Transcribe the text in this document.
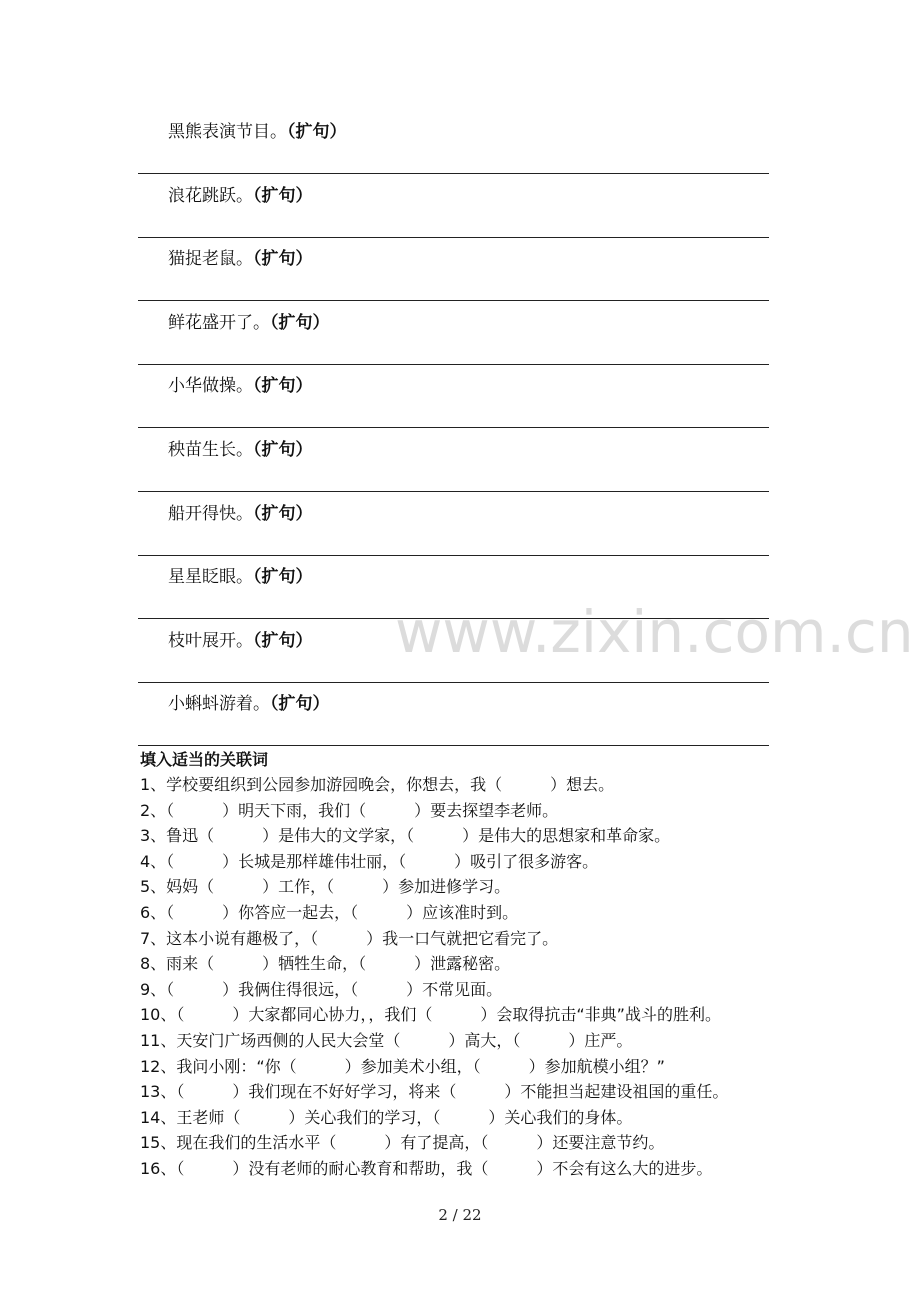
黑熊表演节目。（扩句）
浪花跳跃。（扩句）
猫捉老鼠。（扩句）
鲜花盛开了。（扩句）
小华做操。（扩句）
秧苗生长。（扩句）
船开得快。（扩句）
星星眨眼。（扩句）
枝叶展开。（扩句）
小蝌蚪游着。（扩句）
填入适当的关联词
1、学校要组织到公园参加游园晚会，你想去，我（　　　）想去。
2、（　　　）明天下雨，我们（　　　）要去探望李老师。
3、鲁迅（　　　）是伟大的文学家，（　　　）是伟大的思想家和革命家。
4、（　　　）长城是那样雄伟壮丽，（　　　）吸引了很多游客。
5、妈妈（　　　）工作，（　　　）参加进修学习。
6、（　　　）你答应一起去，（　　　）应该准时到。
7、这本小说有趣极了，（　　　）我一口气就把它看完了。
8、雨来（　　　）牺牲生命，（　　　）泄露秘密。
9、（　　　）我俩住得很远，（　　　）不常见面。
10、（　　　）大家都同心协力，，我们（　　　）会取得抗击“非典”战斗的胜利。
11、天安门广场西侧的人民大会堂（　　　）高大，（　　　）庄严。
12、我问小刚：“你（　　　）参加美术小组，（　　　）参加航模小组？”
13、（　　　）我们现在不好好学习，将来（　　　）不能担当起建设祖国的重任。
14、王老师（　　　）关心我们的学习，（　　　）关心我们的身体。
15、现在我们的生活水平（　　　）有了提高，（　　　）还要注意节约。
16、（　　　）没有老师的耐心教育和帮助，我（　　　）不会有这么大的进步。
www.zixin.com.cn
2 / 22
